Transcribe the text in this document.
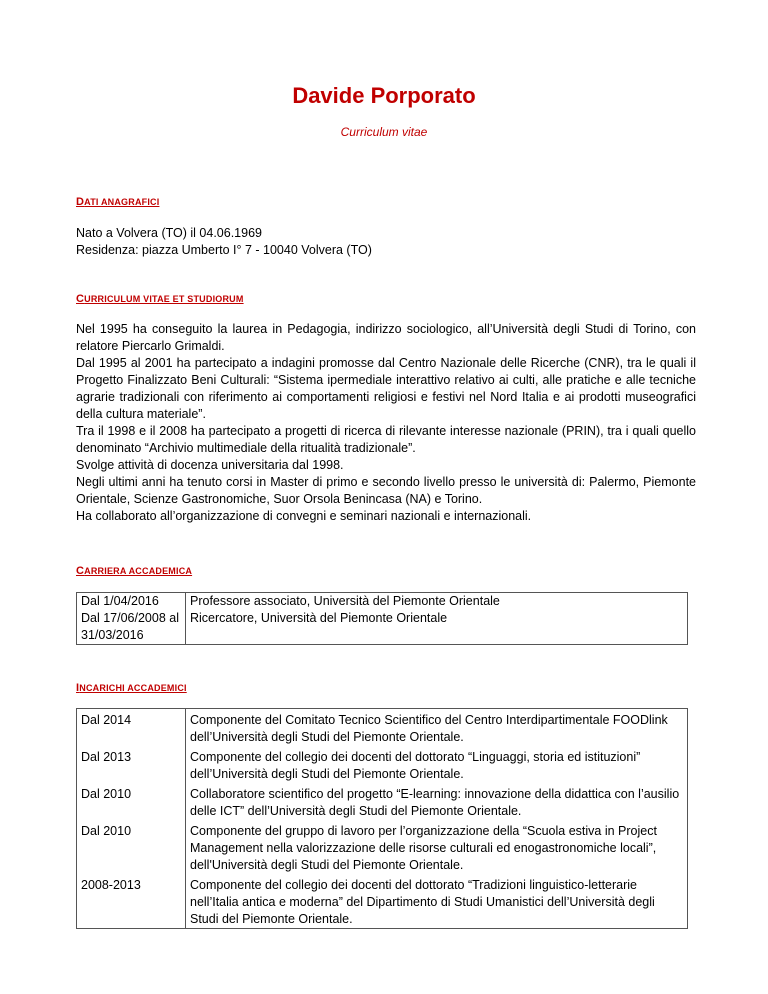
Davide Porporato
Curriculum vitae
DATI ANAGRAFICI

Nato a Volvera (TO) il 04.06.1969

Residenza: piazza Umberto I° 7 - 10040 Volvera (TO)

CURRICULUM VITAE ET STUDIORUM

Nel 1995 ha conseguito la laurea in Pedagogia, indirizzo sociologico, all’Università degli Studi di Torino, con relatore Piercarlo Grimaldi.

Dal 1995 al 2001 ha partecipato a indagini promosse dal Centro Nazionale delle Ricerche (CNR), tra le quali il Progetto Finalizzato Beni Culturali: “Sistema ipermediale interattivo relativo ai culti, alle pratiche e alle tecniche agrarie tradizionali con riferimento ai comportamenti religiosi e festivi nel Nord Italia e ai prodotti museografici della cultura materiale”.

Tra il 1998 e il 2008 ha partecipato a progetti di ricerca di rilevante interesse nazionale (PRIN), tra i quali quello denominato “Archivio multimediale della ritualità tradizionale”.

Svolge attività di docenza universitaria dal 1998.

Negli ultimi anni ha tenuto corsi in Master di primo e secondo livello presso le università di: Palermo, Piemonte Orientale, Scienze Gastronomiche, Suor Orsola Benincasa (NA) e Torino.

Ha collaborato all’organizzazione di convegni e seminari nazionali e internazionali.

CARRIERA ACCADEMICA
Dal 1/04/2016	Professore associato, Università del Piemonte Orientale
Dal 17/06/2008 al 31/03/2016	Ricercatore, Università del Piemonte Orientale
INCARICHI ACCADEMICI
Dal 2014	Componente del Comitato Tecnico Scientifico del Centro Interdipartimentale FOODlink dell’Università degli Studi del Piemonte Orientale.
Dal 2013	Componente del collegio dei docenti del dottorato “Linguaggi, storia ed istituzioni” dell’Università degli Studi del Piemonte Orientale.
Dal 2010	Collaboratore scientifico del progetto “E-learning: innovazione della didattica con l’ausilio delle ICT” dell’Università degli Studi del Piemonte Orientale.
Dal 2010	Componente del gruppo di lavoro per l’organizzazione della “Scuola estiva in Project Management nella valorizzazione delle risorse culturali ed enogastronomiche locali”, dell'Università degli Studi del Piemonte Orientale.
2008-2013	Componente del collegio dei docenti del dottorato “Tradizioni linguistico-letterarie nell’Italia antica e moderna” del Dipartimento di Studi Umanistici dell’Università degli Studi del Piemonte Orientale.
